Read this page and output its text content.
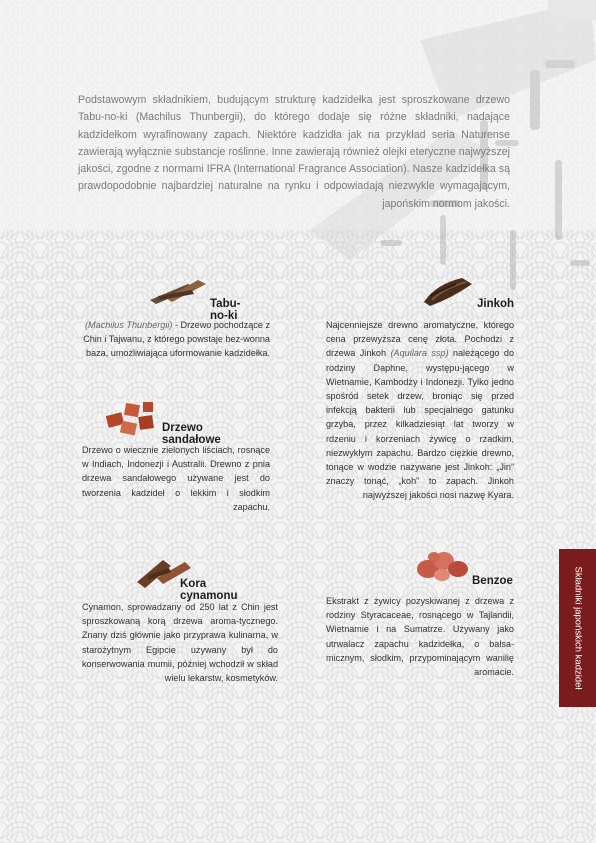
Podstawowym składnikiem, budującym strukturę kadzidełka jest sproszkowane drzewo Tabu-no-ki (Machilus Thunbergii), do którego dodaje się różne składniki, nadające kadzidełkom wyrafinowany zapach. Niektóre kadzidła jak na przykład seria Naturense zawierają wyłącznie substancje roślinne. Inne zawierają również olejki eteryczne najwyższej jakości, zgodne z normami IFRA (International Fragrance Association). Nasze kadzidełka są prawdopodobnie najbardziej naturalne na rynku i odpowiadają niezwykle wymagającym, japońskim normom jakości.

Tabu-no-ki

(Machilus Thunbergii) - Drzewo pochodzące z Chin i Tajwanu, z którego powstaje bez-wonna baza, umożliwiająca uformowanie kadzidełka.

Jinkoh

Najcenniejsze drewno aromatyczne, którego cena przewyższa cenę złota. Pochodzi z drzewa Jinkoh (Aquilara ssp) należącego do rodziny Daphne, występu-jącego w Wietnamie, Kambodży i Indonezji. Tylko jedno spośród setek drzew, broniąc się przed infekcją bakterii lub specjalnego gatunku grzyba, przez kilkadziesiąt lat tworzy w rdzeniu i korzeniach żywicę o rzadkim, niezwykłym zapachu. Bardzo ciężkie drewno, tonące w wodzie nazywane jest Jinkoh: „Jin” znaczy tonąć, „koh” to zapach. Jinkoh najwyższej jakości nosi nazwę Kyara.

Drzewo sandałowe

Drzewo o wiecznie zielonych liściach, rosnące w Indiach, Indonezji i Australii. Drewno z pnia drzewa sandałowego używane jest do tworzenia kadzideł o lekkim i słodkim zapachu.

Kora cynamonu

Cynamon, sprowadzany od 250 lat z Chin jest sproszkowaną korą drzewa aroma-tycznego. Znany dziś głównie jako przyprawa kulinarna, w starożytnym Egipcie używany był do konserwowania mumii, później wchodził w skład wielu lekarstw, kosmetyków.

Benzoe

Ekstrakt z żywicy pozyskiwanej z drzewa z rodziny Styracaceae, rosnącego w Tajlandii, Wietnamie i na Sumatrze. Używany jako utrwalacz zapachu kadzidełka, o balsa-micznym, słodkim, przypominającym wanilię aromacie.	Składniki japońskich kadzideł
